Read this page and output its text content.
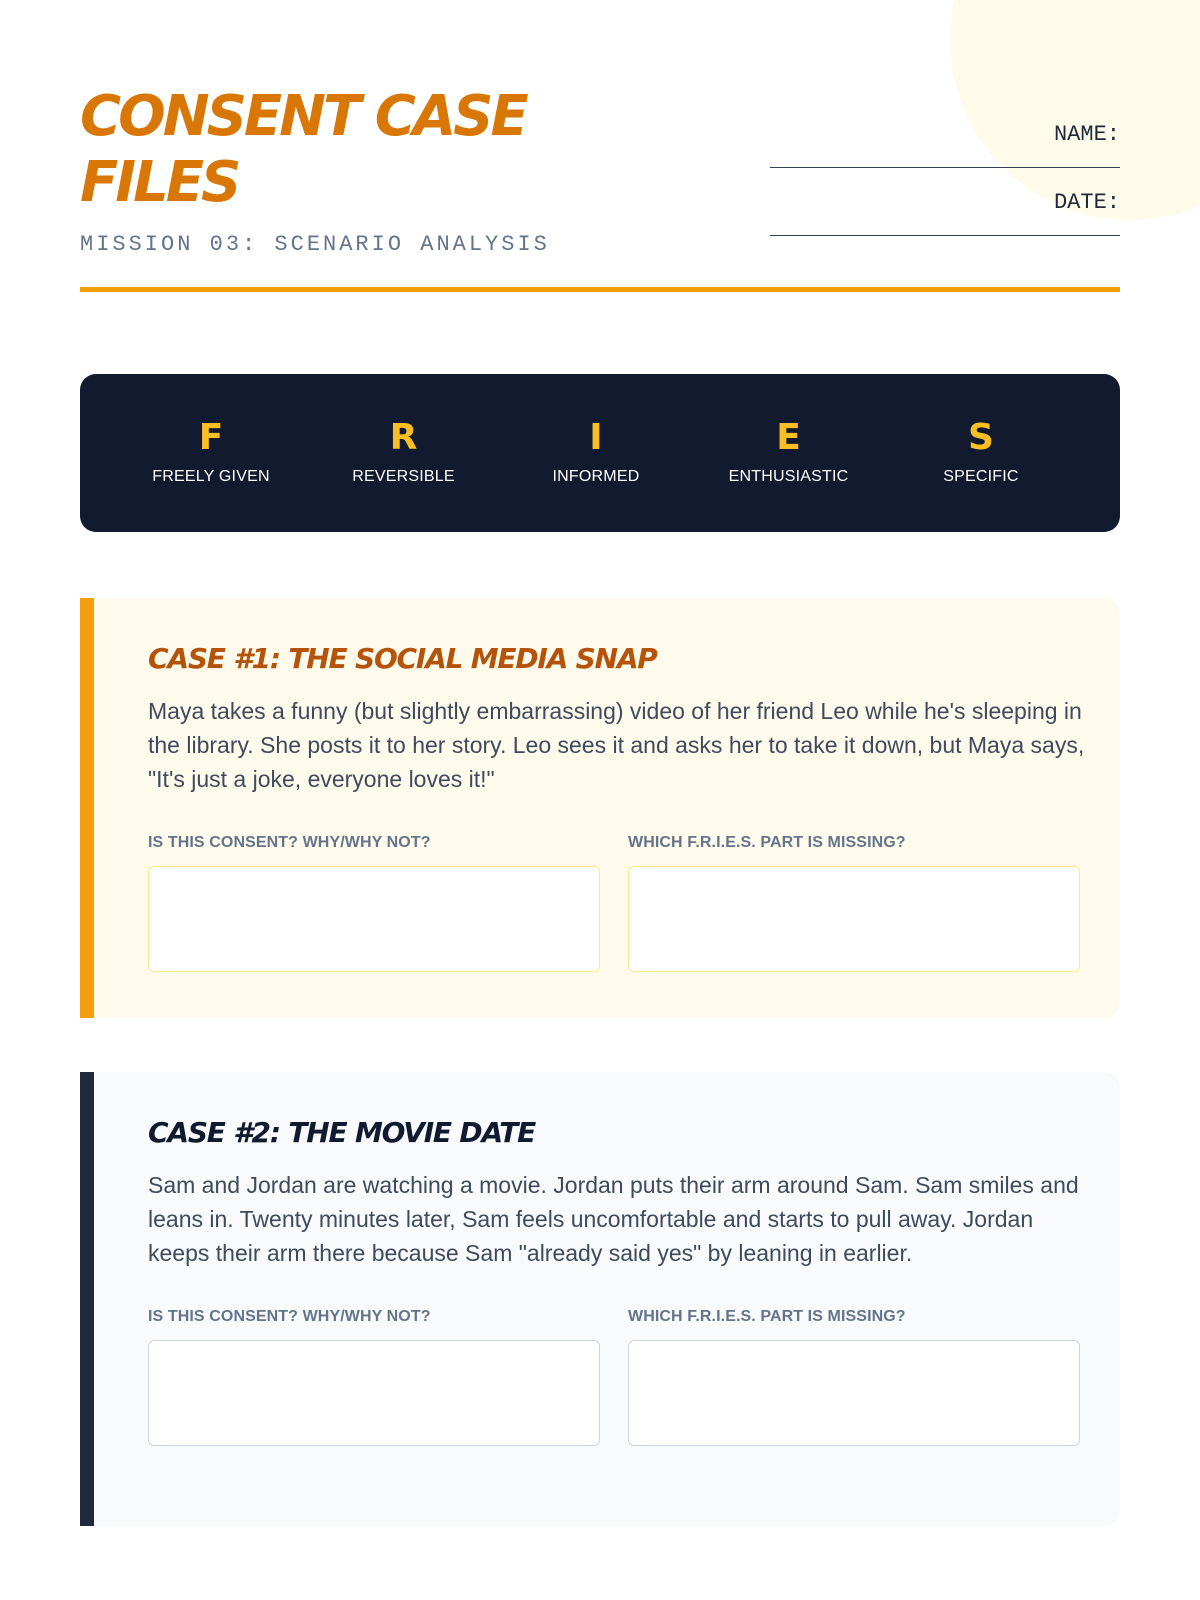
CONSENT CASE FILES
MISSION 03: SCENARIO ANALYSIS
NAME:
DATE:
F
FREELY GIVEN
R
REVERSIBLE
I
INFORMED
E
ENTHUSIASTIC
S
SPECIFIC
CASE #1: THE SOCIAL MEDIA SNAP

Maya takes a funny (but slightly embarrassing) video of her friend Leo while he's sleeping in the library. She posts it to her story. Leo sees it and asks her to take it down, but Maya says, "It's just a joke, everyone loves it!"

IS THIS CONSENT? WHY/WHY NOT?	WHICH F.R.I.E.S. PART IS MISSING?
CASE #2: THE MOVIE DATE

Sam and Jordan are watching a movie. Jordan puts their arm around Sam. Sam smiles and leans in. Twenty minutes later, Sam feels uncomfortable and starts to pull away. Jordan keeps their arm there because Sam "already said yes" by leaning in earlier.

IS THIS CONSENT? WHY/WHY NOT?	WHICH F.R.I.E.S. PART IS MISSING?
